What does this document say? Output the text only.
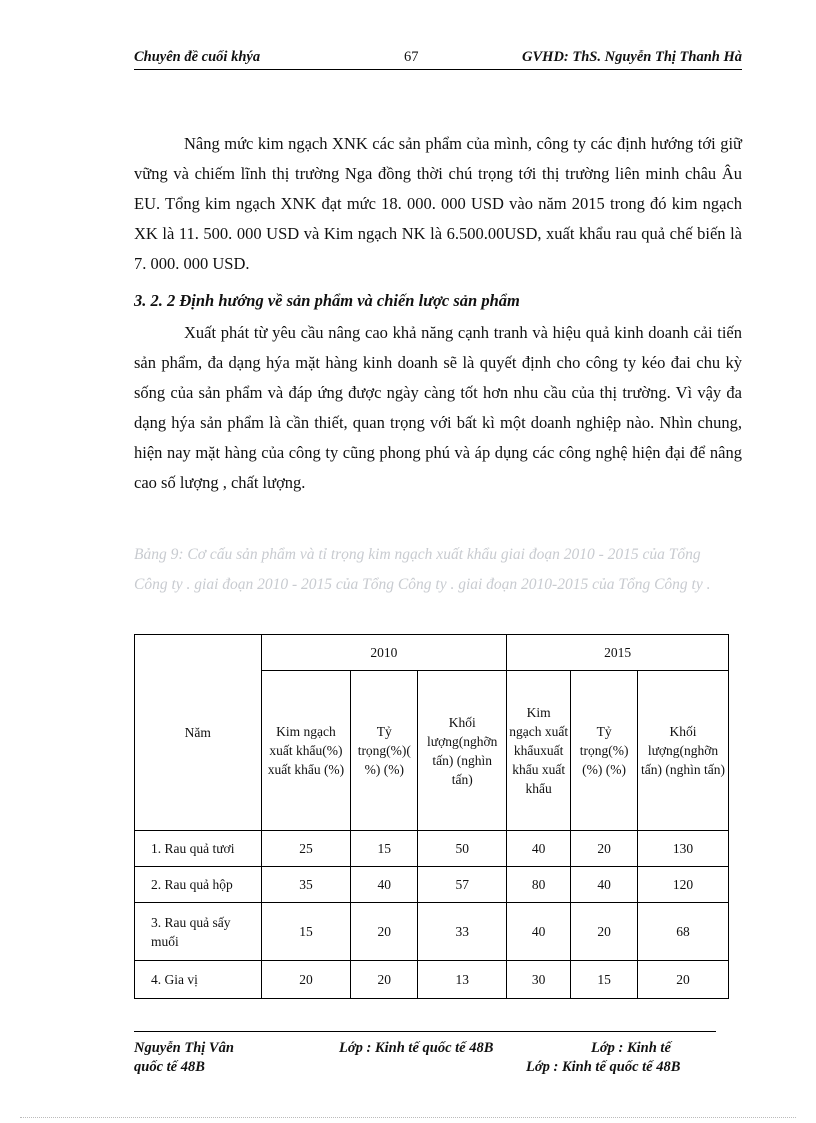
Chuyên đề cuối khýa	67	GVHD: ThS. Nguyễn Thị Thanh Hà

Nâng mức kim ngạch XNK các sản phẩm của mình, công ty các định hướng tới giữ vững và chiếm lĩnh thị trường Nga đồng thời chú trọng tới thị trường liên minh châu Âu EU. Tổng kim ngạch XNK đạt mức 18. 000. 000 USD vào năm 2015 trong đó kim ngạch XK là 11. 500. 000 USD và Kim ngạch NK là 6.500.00USD, xuất khẩu rau quả chế biến là 7. 000. 000 USD.

3. 2. 2 Định hướng về sản phẩm và chiến lược sản phẩm

Xuất phát từ yêu cầu nâng cao khả năng cạnh tranh và hiệu quả kinh doanh cải tiến sản phẩm, đa dạng hýa mặt hàng kinh doanh sẽ là quyết định cho công ty kéo đai chu kỳ sống của sản phẩm và đáp ứng được ngày càng tốt hơn nhu cầu của thị trường. Vì vậy đa dạng hýa sản phẩm là cần thiết, quan trọng với bất kì một doanh nghiệp nào. Nhìn chung, hiện nay mặt hàng của công ty cũng phong phú và áp dụng các công nghệ hiện đại để nâng cao số lượng , chất lượng.

Bảng 9: Cơ cấu sản phẩm và tỉ trọng kim ngạch xuất khẩu giai đoạn 2010 - 2015 của Tổng Công ty . giai đoạn 2010 - 2015 của Tổng Công ty . giai đoạn 2010-2015 của Tổng Công ty .
Năm	2010			2015		
	Kim ngạch xuất khẩu(%) xuất khẩu (%)	Tỷ trọng(%)( %) (%)	Khối lượng(nghỡn tấn) (nghìn tấn)	Kim ngạch xuất khẩuxuất khẩu xuất khẩu	Tỷ trọng(%) (%) (%)	Khối lượng(nghỡn tấn) (nghìn tấn)
1. Rau quả tươi	25	15	50	40	20	130
2. Rau quả hộp	35	40	57	80	40	120
3. Rau quả sấy muối	15	20	33	40	20	68
4. Gia vị	20	20	13	30	15	20
Nguyễn Thị Vân	Lớp : Kinh tế quốc tế 48B	Lớp : Kinh tế
quốc tế 48B	Lớp : Kinh tế quốc tế 48B
